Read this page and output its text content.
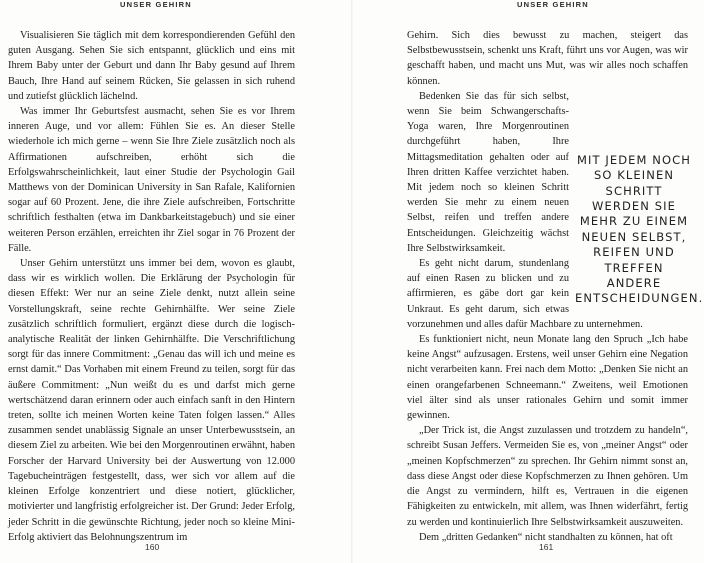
UNSER GEHIRN	UNSER GEHIRN

Visualisieren Sie täglich mit dem korrespondierenden Gefühl den guten Ausgang. Sehen Sie sich entspannt, glücklich und eins mit Ihrem Baby unter der Geburt und dann Ihr Baby gesund auf Ihrem Bauch, Ihre Hand auf seinem Rücken, Sie gelassen in sich ruhend und zutiefst glücklich lächelnd.

Was immer Ihr Geburtsfest ausmacht, sehen Sie es vor Ihrem inneren Auge, und vor allem: Fühlen Sie es. An dieser Stelle wiederhole ich mich gerne – wenn Sie Ihre Ziele zusätzlich noch als Affirmationen aufschreiben, erhöht sich die Erfolgswahrscheinlichkeit, laut einer Studie der Psychologin Gail Matthews von der Dominican University in San Rafale, Kalifornien sogar auf 60 Prozent. Jene, die ihre Ziele aufschreiben, Fortschritte schriftlich festhalten (etwa im Dankbarkeitstagebuch) und sie einer weiteren Person erzählen, erreichten ihr Ziel sogar in 76 Prozent der Fälle.

Unser Gehirn unterstützt uns immer bei dem, wovon es glaubt, dass wir es wirklich wollen. Die Erklärung der Psychologin für diesen Effekt: Wer nur an seine Ziele denkt, nutzt allein seine Vorstellungskraft, seine rechte Gehirnhälfte. Wer seine Ziele zusätzlich schriftlich formuliert, ergänzt diese durch die logisch-analytische Realität der linken Gehirnhälfte. Die Verschriftlichung sorgt für das innere Commitment: „Genau das will ich und meine es ernst damit.“ Das Vorhaben mit einem Freund zu teilen, sorgt für das äußere Commitment: „Nun weißt du es und darfst mich gerne wertschätzend daran erinnern oder auch einfach sanft in den Hintern treten, sollte ich meinen Worten keine Taten folgen lassen.“ Alles zusammen sendet unablässig Signale an unser Unterbewusstsein, an diesem Ziel zu arbeiten. Wie bei den Morgenroutinen erwähnt, haben Forscher der Harvard University bei der Auswertung von 12.000 Tagebucheinträgen festgestellt, dass, wer sich vor allem auf die kleinen Erfolge konzentriert und diese notiert, glücklicher, motivierter und langfristig erfolgreicher ist. Der Grund: Jeder Erfolg, jeder Schritt in die gewünschte Richtung, jeder noch so kleine Mini-Erfolg aktiviert das Belohnungszentrum im

Gehirn. Sich dies bewusst zu machen, steigert das Selbstbewusstsein, schenkt uns Kraft, führt uns vor Augen, was wir geschafft haben, und macht uns Mut, was wir alles noch schaffen können.

MIT JEDEM NOCH SO KLEINEN SCHRITT WERDEN SIE MEHR ZU EINEM NEUEN SELBST, REIFEN UND TREFFEN ANDERE ENTSCHEIDUNGEN.

Bedenken Sie das für sich selbst, wenn Sie beim Schwangerschafts-Yoga waren, Ihre Morgenroutinen durchgeführt haben, Ihre Mittagsmeditation gehalten oder auf Ihren dritten Kaffee verzichtet haben. Mit jedem noch so kleinen Schritt werden Sie mehr zu einem neuen Selbst, reifen und treffen andere Entscheidungen. Gleichzeitig wächst Ihre Selbstwirksamkeit.

Es geht nicht darum, stundenlang auf einen Rasen zu blicken und zu affirmieren, es gäbe dort gar kein Unkraut. Es geht darum, sich etwas vorzunehmen und alles dafür Machbare zu unternehmen.

Es funktioniert nicht, neun Monate lang den Spruch „Ich habe keine Angst“ aufzusagen. Erstens, weil unser Gehirn eine Negation nicht verarbeiten kann. Frei nach dem Motto: „Denken Sie nicht an einen orangefarbenen Schneemann.“ Zweitens, weil Emotionen viel älter sind als unser rationales Gehirn und somit immer gewinnen.

„Der Trick ist, die Angst zuzulassen und trotzdem zu handeln“, schreibt Susan Jeffers. Vermeiden Sie es, von „meiner Angst“ oder „meinen Kopfschmerzen“ zu sprechen. Ihr Gehirn nimmt sonst an, dass diese Angst oder diese Kopfschmerzen zu Ihnen gehören. Um die Angst zu vermindern, hilft es, Vertrauen in die eigenen Fähigkeiten zu entwickeln, mit allem, was Ihnen widerfährt, fertig zu werden und kontinuierlich Ihre Selbstwirksamkeit auszuweiten.

Dem „dritten Gedanken“ nicht standhalten zu können, hat oft

160	161
